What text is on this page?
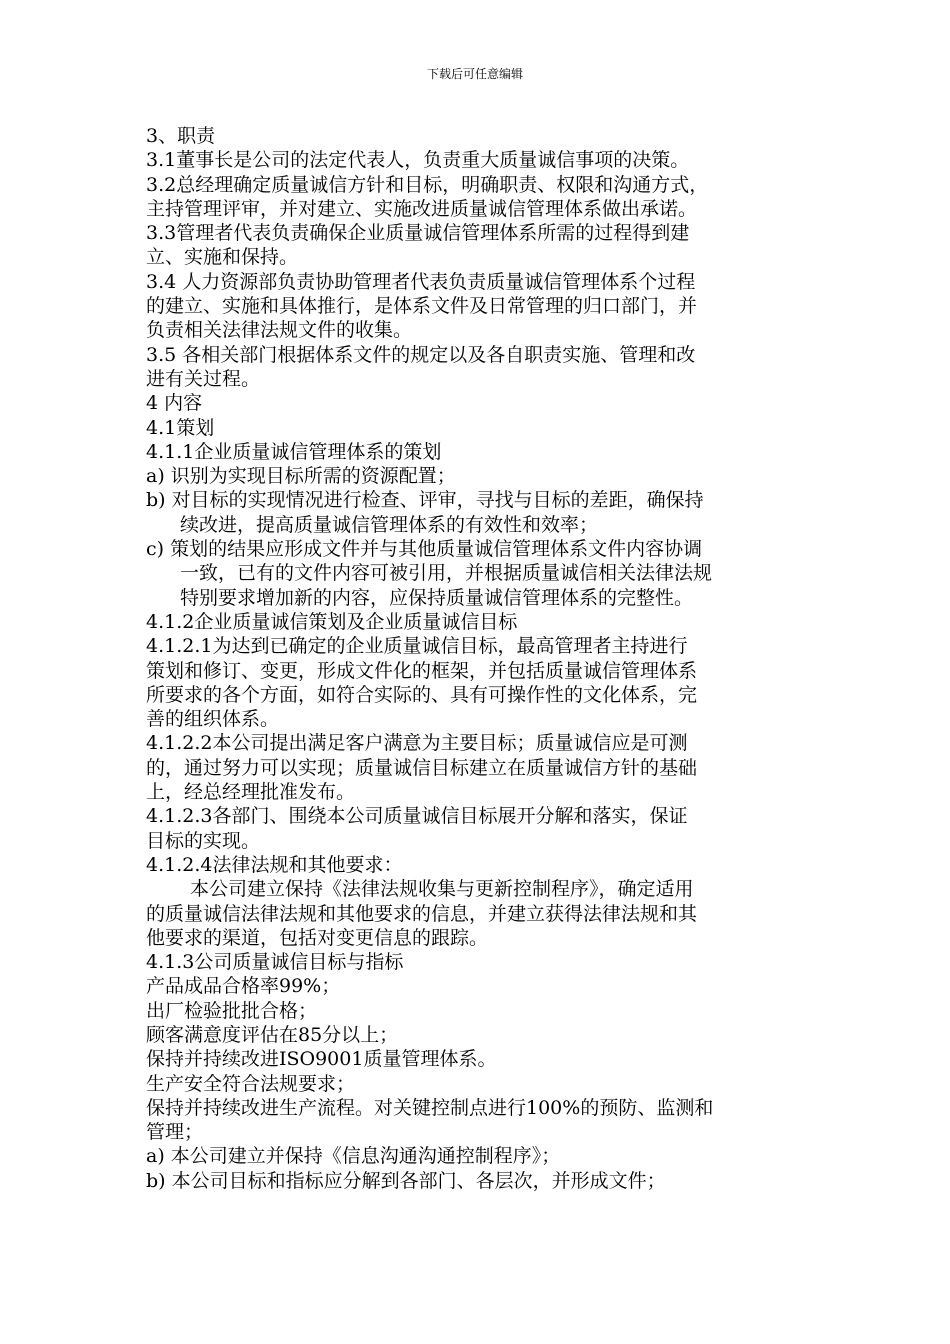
下载后可任意编辑
3、职责
3.1董事长是公司的法定代表人，负责重大质量诚信事项的决策。
3.2总经理确定质量诚信方针和目标，明确职责、权限和沟通方式，
主持管理评审，并对建立、实施改进质量诚信管理体系做出承诺。
3.3管理者代表负责确保企业质量诚信管理体系所需的过程得到建
立、实施和保持。
3.4 人力资源部负责协助管理者代表负责质量诚信管理体系个过程
的建立、实施和具体推行，是体系文件及日常管理的归口部门，并
负责相关法律法规文件的收集。
3.5 各相关部门根据体系文件的规定以及各自职责实施、管理和改
进有关过程。
4 内容
4.1策划
4.1.1企业质量诚信管理体系的策划
a) 识别为实现目标所需的资源配置；
b) 对目标的实现情况进行检查、评审，寻找与目标的差距，确保持
续改进，提高质量诚信管理体系的有效性和效率；
c) 策划的结果应形成文件并与其他质量诚信管理体系文件内容协调
一致，已有的文件内容可被引用，并根据质量诚信相关法律法规
特别要求增加新的内容，应保持质量诚信管理体系的完整性。
4.1.2企业质量诚信策划及企业质量诚信目标
4.1.2.1为达到已确定的企业质量诚信目标，最高管理者主持进行
策划和修订、变更，形成文件化的框架，并包括质量诚信管理体系
所要求的各个方面，如符合实际的、具有可操作性的文化体系，完
善的组织体系。
4.1.2.2本公司提出满足客户满意为主要目标；质量诚信应是可测
的，通过努力可以实现；质量诚信目标建立在质量诚信方针的基础
上，经总经理批准发布。
4.1.2.3各部门、围绕本公司质量诚信目标展开分解和落实，保证
目标的实现。
4.1.2.4法律法规和其他要求：
本公司建立保持《法律法规收集与更新控制程序》，确定适用
的质量诚信法律法规和其他要求的信息，并建立获得法律法规和其
他要求的渠道，包括对变更信息的跟踪。
4.1.3公司质量诚信目标与指标
产品成品合格率99%；
出厂检验批批合格；
顾客满意度评估在85分以上；
保持并持续改进ISO9001质量管理体系。
生产安全符合法规要求；
保持并持续改进生产流程。对关键控制点进行100%的预防、监测和
管理；
a) 本公司建立并保持《信息沟通沟通控制程序》；
b) 本公司目标和指标应分解到各部门、各层次，并形成文件；
